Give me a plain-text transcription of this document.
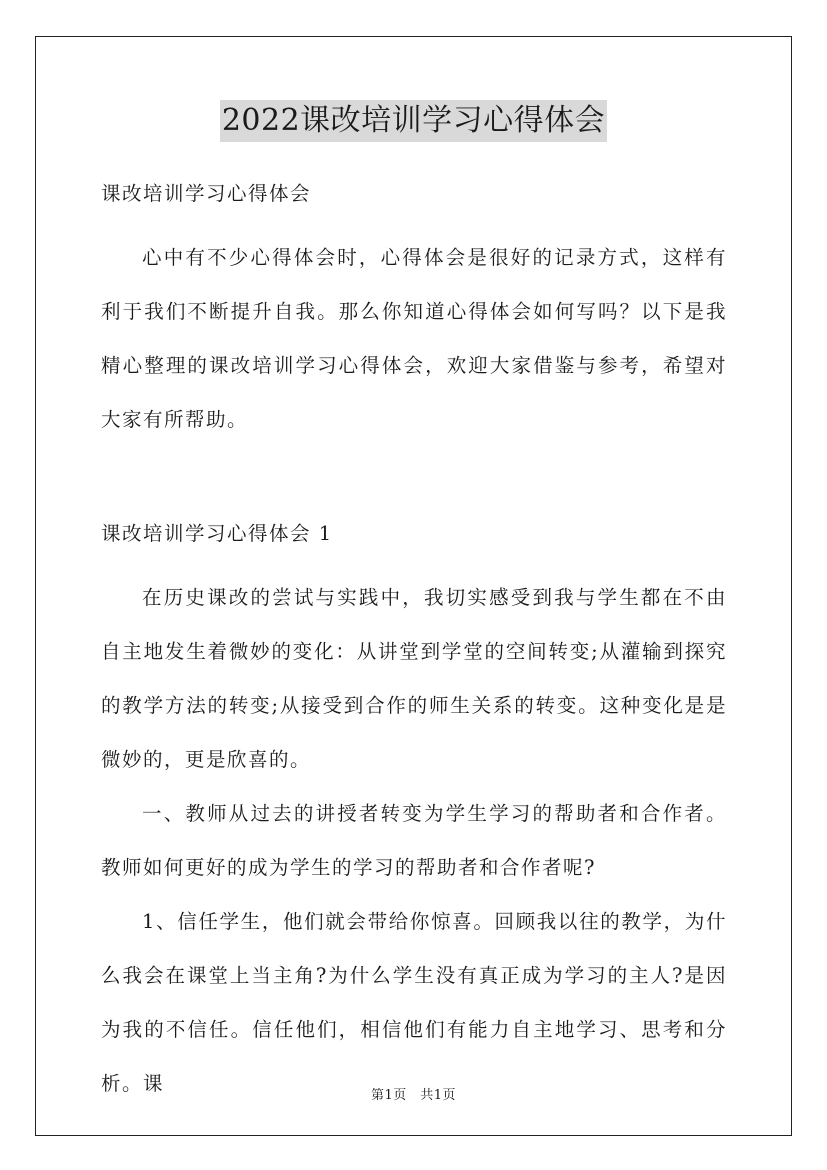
2022课改培训学习心得体会

课改培训学习心得体会

心中有不少心得体会时，心得体会是很好的记录方式，这样有利于我们不断提升自我。那么你知道心得体会如何写吗？以下是我精心整理的课改培训学习心得体会，欢迎大家借鉴与参考，希望对大家有所帮助。

课改培训学习心得体会 1

在历史课改的尝试与实践中，我切实感受到我与学生都在不由自主地发生着微妙的变化：从讲堂到学堂的空间转变;从灌输到探究的教学方法的转变;从接受到合作的师生关系的转变。这种变化是是微妙的，更是欣喜的。

一、教师从过去的讲授者转变为学生学习的帮助者和合作者。教师如何更好的成为学生的学习的帮助者和合作者呢?

1、信任学生，他们就会带给你惊喜。回顾我以往的教学，为什么我会在课堂上当主角?为什么学生没有真正成为学习的主人?是因为我的不信任。信任他们，相信他们有能力自主地学习、思考和分析。课

第1页　共1页
